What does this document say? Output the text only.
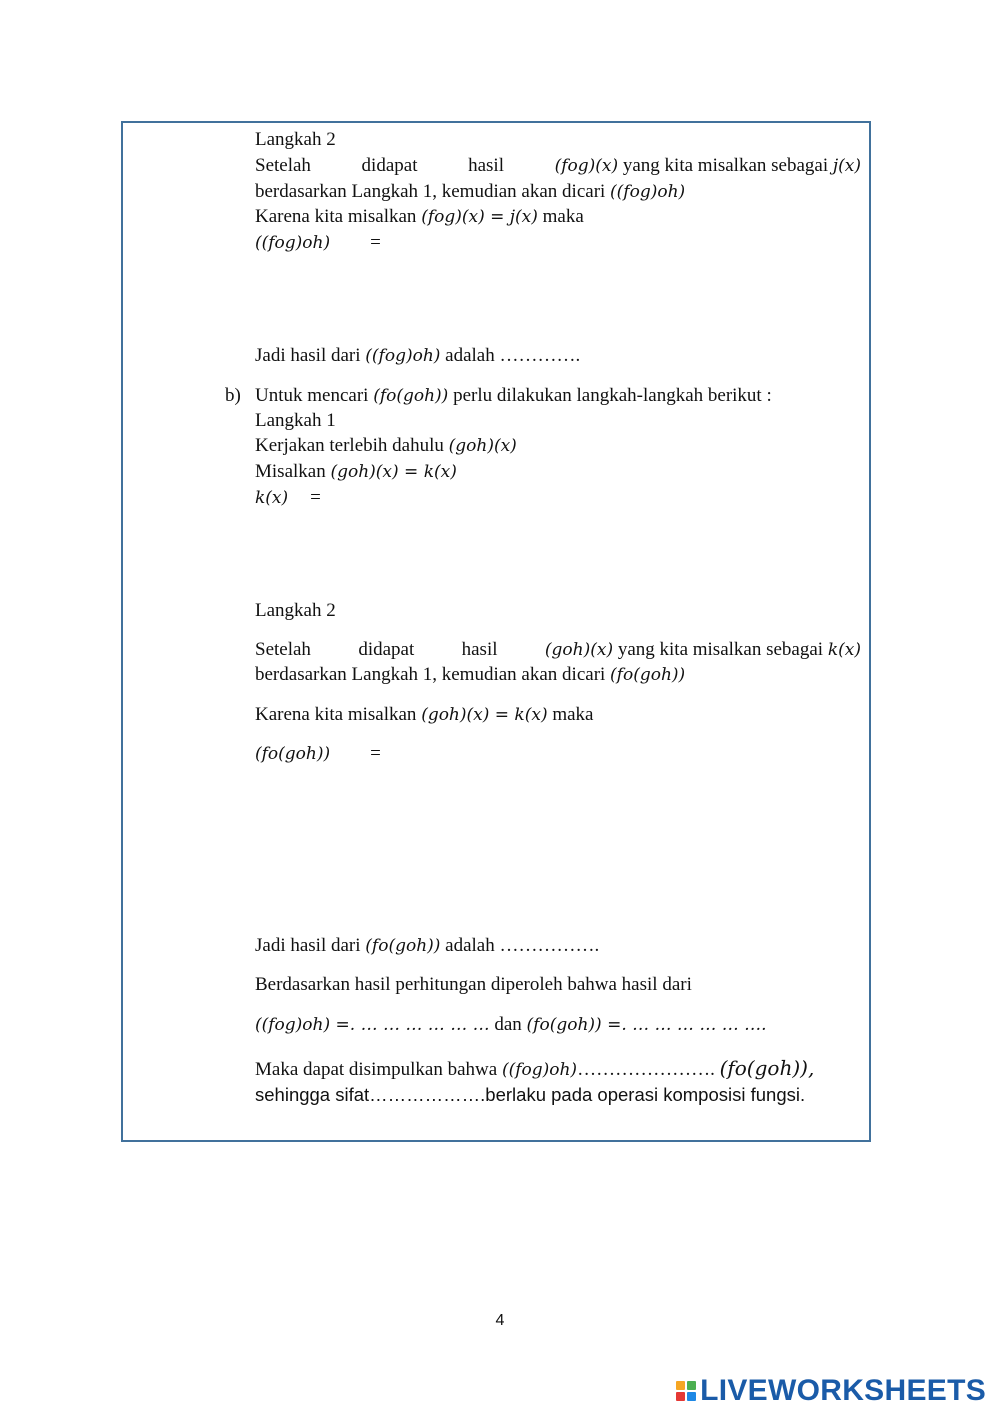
Langkah 2
Setelah	didapat	hasil	(𝑓𝑜𝑔)(𝑥) yang kita misalkan sebagai 𝑗(𝑥)
berdasarkan Langkah 1, kemudian akan dicari ((𝑓𝑜𝑔)𝑜ℎ)
Karena kita misalkan (𝑓𝑜𝑔)(𝑥) = 𝑗(𝑥) maka
((𝑓𝑜𝑔)𝑜ℎ) =
Jadi hasil dari ((𝑓𝑜𝑔)𝑜ℎ) adalah ………….
b) Untuk mencari (𝑓𝑜(𝑔𝑜ℎ)) perlu dilakukan langkah-langkah berikut :
Langkah 1
Kerjakan terlebih dahulu (𝑔𝑜ℎ)(𝑥)
Misalkan (𝑔𝑜ℎ)(𝑥) = 𝑘(𝑥)
𝑘(𝑥) =
Langkah 2
Setelah didapat hasil	(𝑔𝑜ℎ)(𝑥) yang kita misalkan sebagai 𝑘(𝑥)
berdasarkan Langkah 1, kemudian akan dicari (𝑓𝑜(𝑔𝑜ℎ))
Karena kita misalkan (𝑔𝑜ℎ)(𝑥) = 𝑘(𝑥) maka
(𝑓𝑜(𝑔𝑜ℎ)) =
Jadi hasil dari (𝑓𝑜(𝑔𝑜ℎ)) adalah …………….
Berdasarkan hasil perhitungan diperoleh bahwa hasil dari
((𝑓𝑜𝑔)𝑜ℎ) =. … … … … … … dan (𝑓𝑜(𝑔𝑜ℎ)) =. … … … … … ….
Maka dapat disimpulkan bahwa ((𝑓𝑜𝑔)𝑜ℎ)…………………. (𝑓𝑜(𝑔𝑜ℎ)),
sehingga sifat……………….berlaku pada operasi komposisi fungsi.
4
LIVEWORKSHEETS
